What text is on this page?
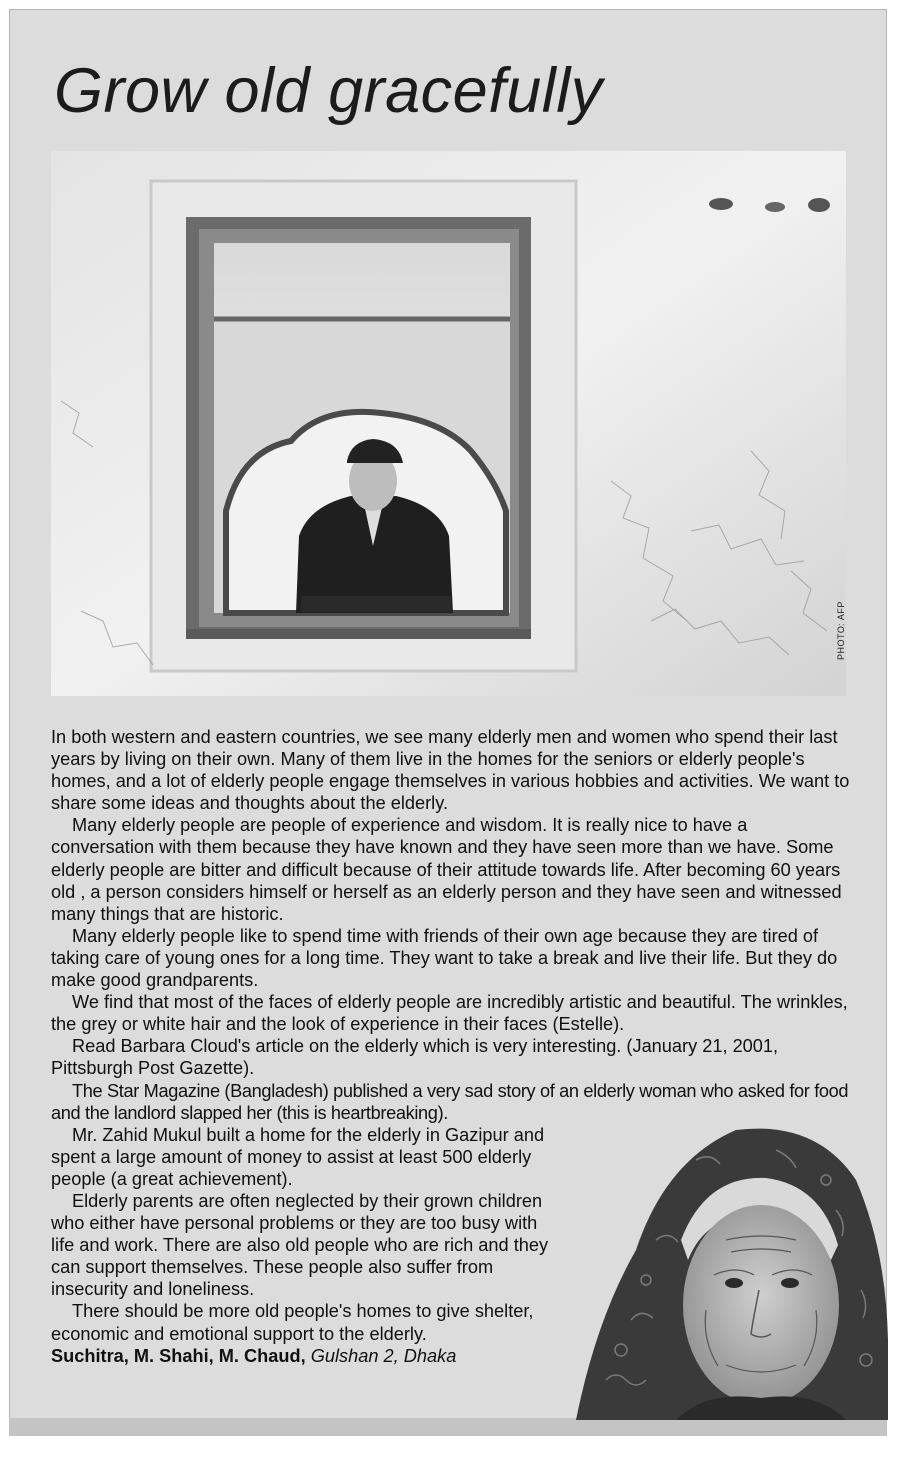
Grow old gracefully
PHOTO: AFP

In both western and eastern countries, we see many elderly men and women who spend their last years by living on their own. Many of them live in the homes for the seniors or elderly people's homes, and a lot of elderly people engage themselves in various hobbies and activities. We want to share some ideas and thoughts about the elderly.

Many elderly people are people of experience and wisdom. It is really nice to have a conversation with them because they have known and they have seen more than we have. Some elderly people are bitter and difficult because of their attitude towards life. After becoming 60 years old , a person considers himself or herself as an elderly person and they have seen and witnessed many things that are historic.

Many elderly people like to spend time with friends of their own age because they are tired of taking care of young ones for a long time. They want to take a break and live their life. But they do make good grandparents.

We find that most of the faces of elderly people are incredibly artistic and beautiful. The wrinkles, the grey or white hair and the look of experience in their faces (Estelle).

Read Barbara Cloud's article on the elderly which is very interesting. (January 21, 2001, Pittsburgh Post Gazette).

The Star Magazine (Bangladesh) published a very sad story of an elderly woman who asked for food and the landlord slapped her (this is heartbreaking).

Mr. Zahid Mukul built a home for the elderly in Gazipur and spent a large amount of money to assist at least 500 elderly people (a great achievement).

Elderly parents are often neglected by their grown children who either have personal problems or they are too busy with life and work. There are also old people who are rich and they can support themselves. These people also suffer from insecurity and loneliness.

There should be more old people's homes to give shelter, economic and emotional support to the elderly.

Suchitra, M. Shahi, M. Chaud, Gulshan 2, Dhaka
